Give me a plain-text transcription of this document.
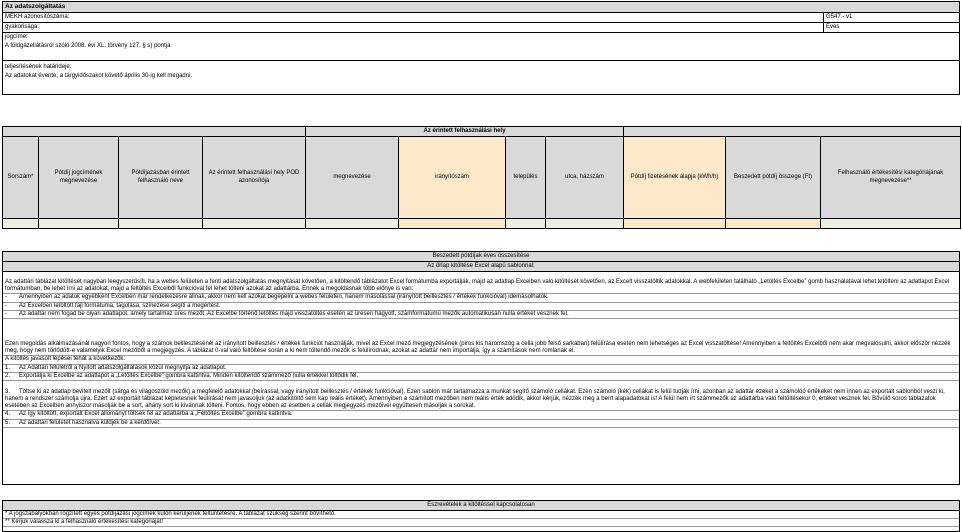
Az adatszolgáltatás
MEKH azonosítószáma:	G547 - v1
gyakorisága:	Éves
jogcíme:
A földgázellátásról szóló 2008. évi XL. törvény 127. § s) pontja
teljesítésének határideje:
Az adatokat évente, a tárgyidőszakot követő április 30-ig kell megadni.
				Az érintett felhasználási hely						
Sorszám*	Pótdíj jogcímének megnevezése	Pótdíjazásban érintett felhasználó neve	Az érintett felhasználási hely POD azonosítója	megnevezése	irányítószám	település	utca, házszám	Pótdíj fizetésének alapja (kWh/h)	Beszedett pótdíj összege (Ft)	Felhasználó értékesítési kategóriájának megnevezése**

Beszedett pótdíjak éves összesítése
Az űrlap kitöltése Excel alapú sablonnal:

Az adattári táblázat kitöltését nagyban leegyszerűsíti, ha a webes felületen a fenti adatszolgáltatás megnyitását követően, a kitöltendő táblázatot Excel formátumba exportálják, majd az adatlap Excelben való kitöltését követően, az Excelt visszatöltik adatokkal. A webfelületen található „Letöltés Excelbe” gomb használatával lehet letölteni az adatlapot Excel formátumban, be lehet írni az adatokat, majd a feltöltés Excelből funkcióval fel lehet tölteni azokat az adattárba. Ennek a megoldásnak több előnye is van:

- Amennyiben az adatok egyébként Excelben már rendelkezésre állnak, akkor nem kell azokat begépelni a webes felületen, hanem másolással (irányított beillesztés / értékek funkcióval) idemásolhatók.

- Az Excelben letöltött fájl formátuma, tagolása, színezése segíti a megértést.

- Az adattár nem fogad be olyan adatlapot, amely tartalmaz üres mezőt. Az Excelbe történő letöltés majd visszatöltés esetén az üresen hagyott, számformátumú mezők automatikusan nulla értéket vesznek fel.

Ezen megoldás alkalmazásánál nagyon fontos, hogy a számok beillesztésénél az irányított beillesztés / értékek funkciót használják, mivel az Excel mező megjegyzésének (piros kis háromszög a cella jobb felső sarkában) felülírása esetén nem lehetséges az Excel visszatöltése! Amennyiben a feltöltés Excelből nem akar megvalósulni, akkor először nézzék meg, hogy nem törlődött-e valamelyik Excel mezőből a megjegyzés. A táblázat 0-val való feltöltése során a ki nem töltendő mezők is felülíródnak, azokat az adattár nem importálja, így a számítások nem romlanak el.

A kitöltés javasolt lépései tehát a következők:

1. Az Adattári felületről a Nyitott adatszolgáltatások közül megnyitja az adatlapot.

2. Exportálja ki Excelbe az adatlapot a „Letöltés Excelbe” gombra kattintva. Minden kitöltendő számmező nulla értékkel töltődik fel.

3. Töltse ki az adatlap bevitelt mezőit (sárga és világoszöld mezők) a megfelelő adatokkal (beírással, vagy irányított beillesztés / értékek funkcióval). Ezen sablon már tartalmazza a munkát segítő számoló cellákat. Ezen számoló (kék) cellákat is felül tudják írni, azonban az adattár ezeket a számolóó értékeket nem innen az exportált sablonból veszi ki, hanem a rendszer számolja újra. Ezért az exportált táblázat képletesnek feülírását nem javasoljuk (az adatkitöltő sem kap reális értéket). Amennyiben a számított mezőben nem reális érték adódik, akkor kérjük, nézzék meg a beírt alapadatokat is! A felül nem írt számmezők az adattárba való feltöltésekor 0, értéket vesznek fel. Bővülő soros táblázatok esetében az Excelben annyiszor másolják be a sort, ahány sort ki kívánnak tölteni. Fontos, hogy ebben az esetben a cellák megjegyzés mezőivel együttesen másolják a sorokat.

4. Az így kitöltött, exportált Excel állományt töltsék fel az adattárba a „Feltöltés Excelbe” gombra kattintva.

5. Az adattári felületet használva küldjék be a kérdőívet.

Észrevételek a kitöltéssel kapcsolatosan

* A jogszabályokban rögzített egyes pótdíjazási jogcímek külön kerüljenek feltüntetésre. A táblázat szükség szerint bővíthető.

** Kérjük válassza ki a felhasználó értékesítési kategóriáját!
